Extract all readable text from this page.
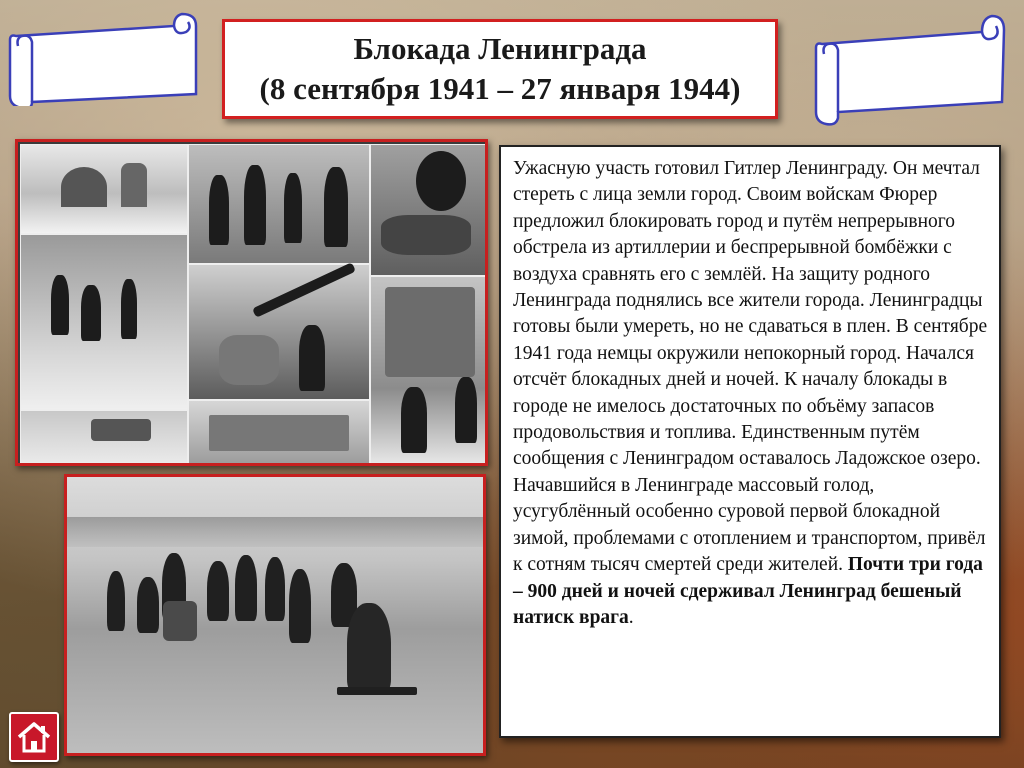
Блокада Ленинграда
(8 сентября 1941 – 27 января 1944)
Ужасную участь готовил Гитлер Ленинграду. Он мечтал стереть с лица земли город. Своим войскам Фюрер предложил блокировать город и путём непрерывного обстрела из артиллерии и беспрерывной бомбёжки с воздуха сравнять его с землёй. На защиту родного Ленинграда поднялись все жители города. Ленинградцы готовы были умереть, но не сдаваться в плен. В сентябре 1941 года немцы окружили непокорный город. Начался отсчёт блокадных дней и ночей. К началу блокады в городе не имелось достаточных по объёму запасов продовольствия и топлива. Единственным путём сообщения с Ленинградом оставалось Ладожское озеро. Начавшийся в Ленинграде массовый голод, усугублённый особенно суровой первой блокадной зимой, проблемами с отоплением и транспортом, привёл к сотням тысяч смертей среди жителей. Почти три года – 900 дней и ночей сдерживал Ленинград бешеный натиск врага.
